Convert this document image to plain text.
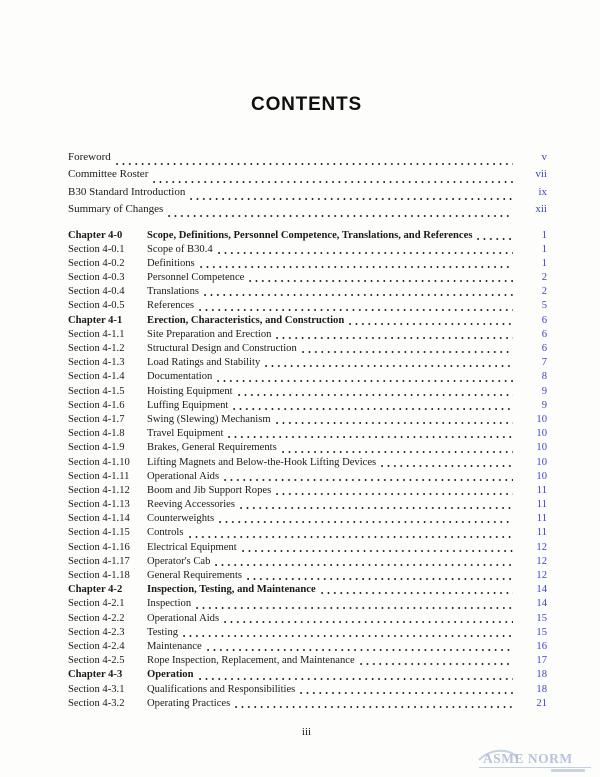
CONTENTS
Foreword	v
Committee Roster	vii
B30 Standard Introduction	ix
Summary of Changes	xii
Chapter 4-0	Scope, Definitions, Personnel Competence, Translations, and References	1
Section 4-0.1	Scope of B30.4	1
Section 4-0.2	Definitions	1
Section 4-0.3	Personnel Competence	2
Section 4-0.4	Translations	2
Section 4-0.5	References	5
Chapter 4-1	Erection, Characteristics, and Construction	6
Section 4-1.1	Site Preparation and Erection	6
Section 4-1.2	Structural Design and Construction	6
Section 4-1.3	Load Ratings and Stability	7
Section 4-1.4	Documentation	8
Section 4-1.5	Hoisting Equipment	9
Section 4-1.6	Luffing Equipment	9
Section 4-1.7	Swing (Slewing) Mechanism	10
Section 4-1.8	Travel Equipment	10
Section 4-1.9	Brakes, General Requirements	10
Section 4-1.10	Lifting Magnets and Below-the-Hook Lifting Devices	10
Section 4-1.11	Operational Aids	10
Section 4-1.12	Boom and Jib Support Ropes	11
Section 4-1.13	Reeving Accessories	11
Section 4-1.14	Counterweights	11
Section 4-1.15	Controls	11
Section 4-1.16	Electrical Equipment	12
Section 4-1.17	Operator's Cab	12
Section 4-1.18	General Requirements	12
Chapter 4-2	Inspection, Testing, and Maintenance	14
Section 4-2.1	Inspection	14
Section 4-2.2	Operational Aids	15
Section 4-2.3	Testing	15
Section 4-2.4	Maintenance	16
Section 4-2.5	Rope Inspection, Replacement, and Maintenance	17
Chapter 4-3	Operation	18
Section 4-3.1	Qualifications and Responsibilities	18
Section 4-3.2	Operating Practices	21
iii
ASME NORM
